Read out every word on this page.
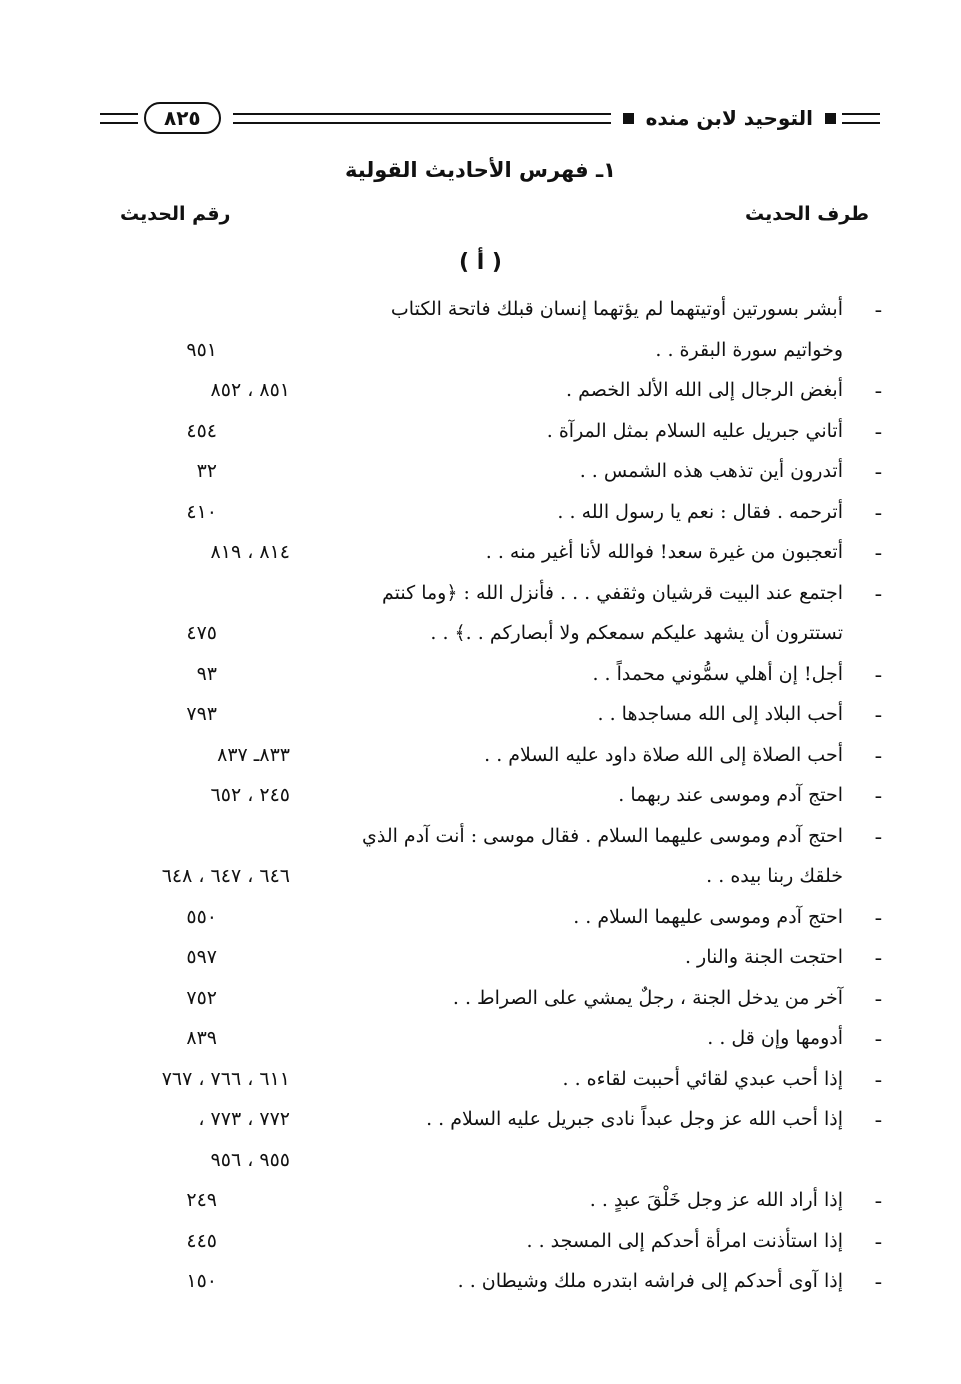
٨٢٥	التوحيد لابن منده
١ـ فهرس الأحاديث القولية
طرف الحديث
رقم الحديث
( أ )
ـ
أبشر بسورتين أوتيتهما لم يؤتهما إنسان قبلك فاتحة الكتاب
وخواتيم سورة البقرة . .
٩٥١
ـ
أبغض الرجال إلى الله الألد الخصم .
٨٥١ ، ٨٥٢
ـ
أتاني جبريل عليه السلام بمثل المرآة .
٤٥٤
ـ
أتدرون أين تذهب هذه الشمس . .
٣٢
ـ
أترحمه . فقال : نعم يا رسول الله . .
٤١٠
ـ
أتعجبون من غيرة سعد! فوالله لأنا أغير منه . .
٨١٤ ، ٨١٩
ـ
اجتمع عند البيت قرشيان وثقفي . . . فأنزل الله : ﴿وما كنتم
تستترون أن يشهد عليكم سمعكم ولا أبصاركم . .﴾ . .
٤٧٥
ـ
أجل! إن أهلي سمُّوني محمداً . .
٩٣
ـ
أحب البلاد إلى الله مساجدها . .
٧٩٣
ـ
أحب الصلاة إلى الله صلاة داود عليه السلام . .
٨٣٣ـ ٨٣٧
ـ
احتج آدم وموسى عند ربهما .
٢٤٥ ، ٦٥٢
ـ
احتج آدم وموسى عليهما السلام . فقال موسى : أنت آدم الذي
خلقك ربنا بيده . .
٦٤٦ ، ٦٤٧ ، ٦٤٨
ـ
احتج آدم وموسى عليهما السلام . .
٥٥٠
ـ
احتجت الجنة والنار .
٥٩٧
ـ
آخر من يدخل الجنة ، رجلٌ يمشي على الصراط . .
٧٥٢
ـ
أدومها وإن قل . .
٨٣٩
ـ
إذا أحب عبدي لقائي أحببت لقاءه . .
٦١١ ، ٧٦٦ ، ٧٦٧
ـ
إذا أحب الله عز وجل عبداً نادى جبريل عليه السلام . .
٧٧٢ ، ٧٧٣ ،
٩٥٥ ، ٩٥٦
ـ
إذا أراد الله عز وجل خَلْقَ عبدٍ . .
٢٤٩
ـ
إذا استأذنت امرأة أحدكم إلى المسجد . .
٤٤٥
ـ
إذا آوى أحدكم إلى فراشه ابتدره ملك وشيطان . .
١٥٠
